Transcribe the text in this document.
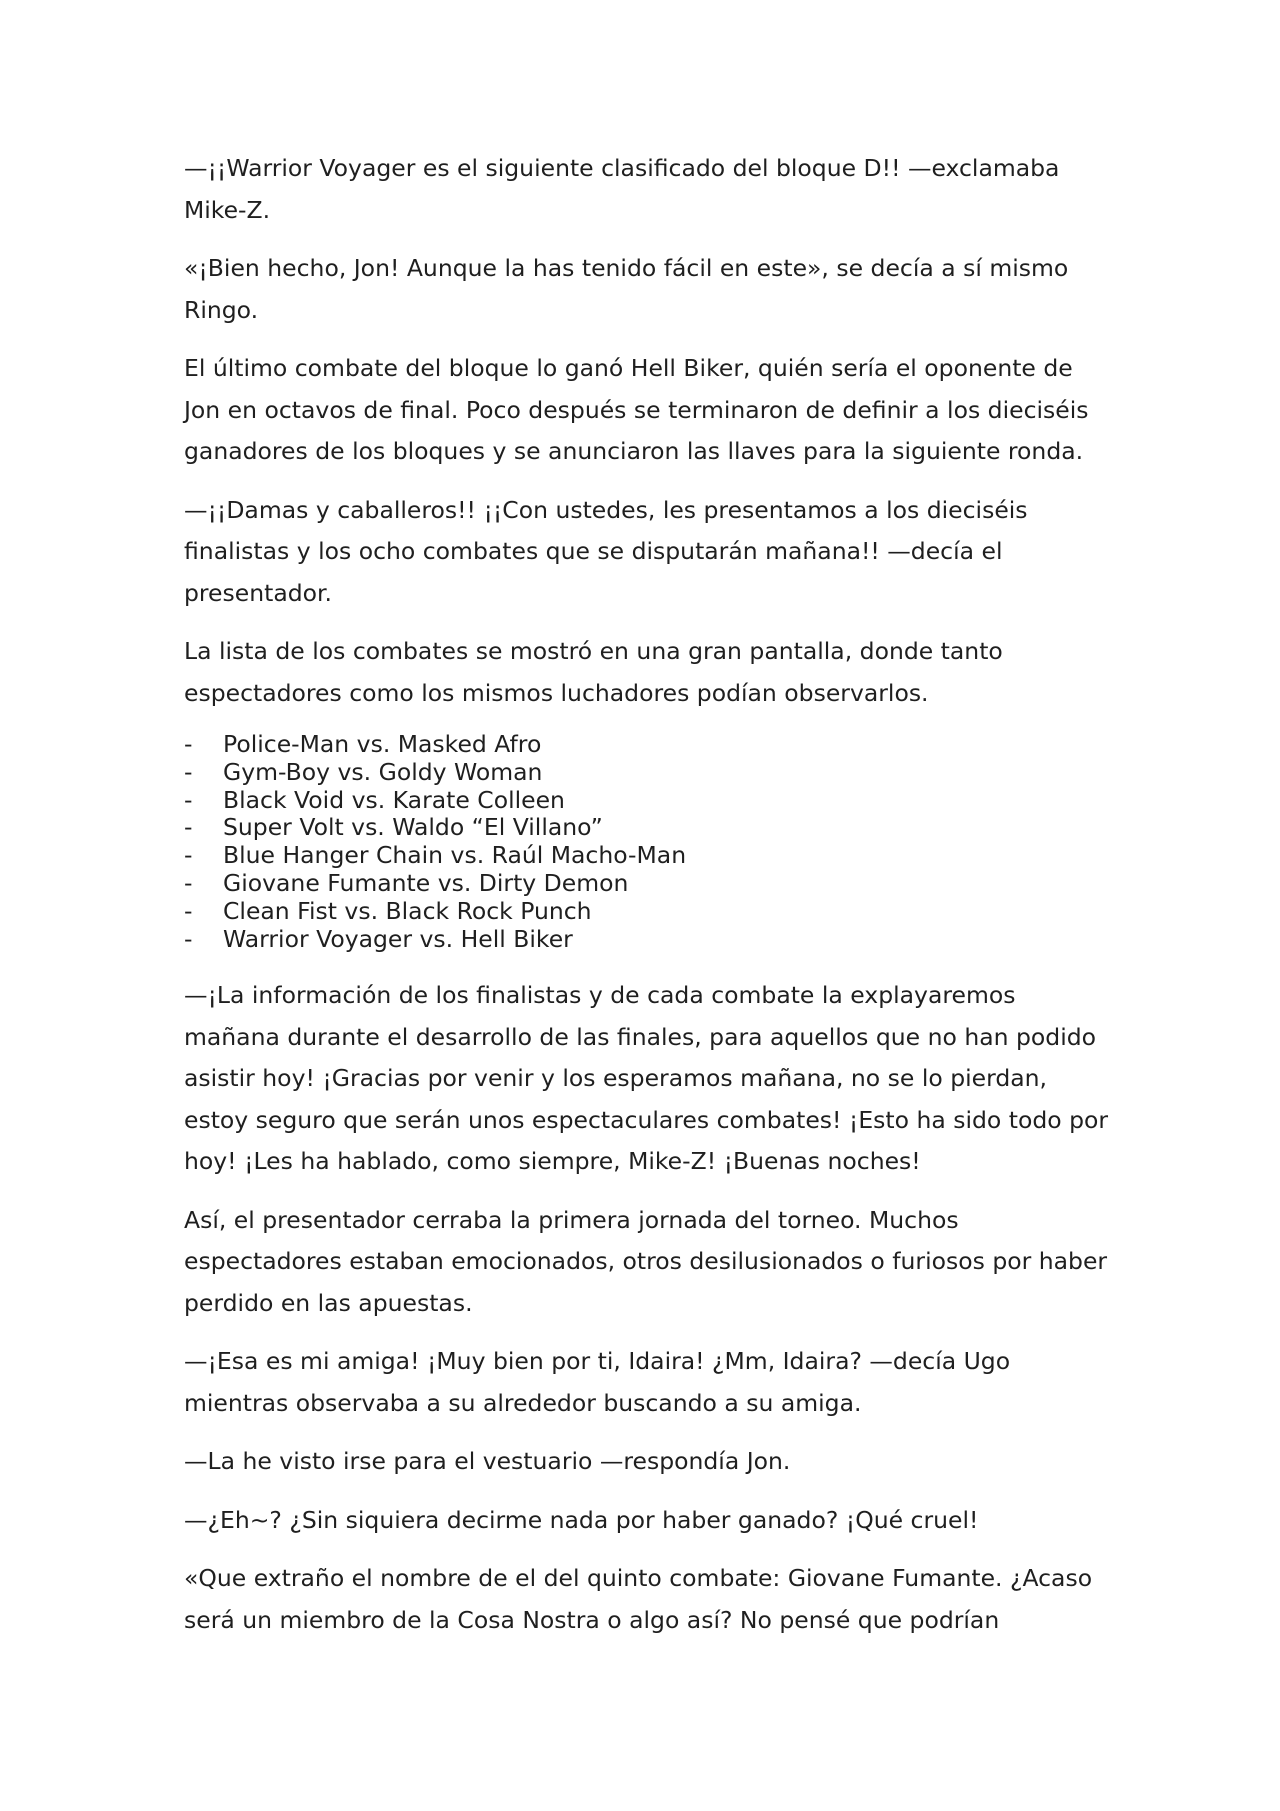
—¡¡Warrior Voyager es el siguiente clasificado del bloque D!! —exclamaba Mike-Z.

«¡Bien hecho, Jon! Aunque la has tenido fácil en este», se decía a sí mismo Ringo.

El último combate del bloque lo ganó Hell Biker, quién sería el oponente de Jon en octavos de final. Poco después se terminaron de definir a los dieciséis ganadores de los bloques y se anunciaron las llaves para la siguiente ronda.

—¡¡Damas y caballeros!! ¡¡Con ustedes, les presentamos a los dieciséis finalistas y los ocho combates que se disputarán mañana!! —decía el presentador.

La lista de los combates se mostró en una gran pantalla, donde tanto espectadores como los mismos luchadores podían observarlos.

-	Police-Man vs. Masked Afro
-	Gym-Boy vs. Goldy Woman
-	Black Void vs. Karate Colleen
-	Super Volt vs. Waldo “El Villano”
-	Blue Hanger Chain vs. Raúl Macho-Man
-	Giovane Fumante vs. Dirty Demon
-	Clean Fist vs. Black Rock Punch
-	Warrior Voyager vs. Hell Biker

—¡La información de los finalistas y de cada combate la explayaremos mañana durante el desarrollo de las finales, para aquellos que no han podido asistir hoy! ¡Gracias por venir y los esperamos mañana, no se lo pierdan, estoy seguro que serán unos espectaculares combates! ¡Esto ha sido todo por hoy! ¡Les ha hablado, como siempre, Mike-Z! ¡Buenas noches!

Así, el presentador cerraba la primera jornada del torneo. Muchos espectadores estaban emocionados, otros desilusionados o furiosos por haber perdido en las apuestas.

—¡Esa es mi amiga! ¡Muy bien por ti, Idaira! ¿Mm, Idaira? —decía Ugo mientras observaba a su alrededor buscando a su amiga.

—La he visto irse para el vestuario —respondía Jon.

—¿Eh~? ¿Sin siquiera decirme nada por haber ganado? ¡Qué cruel!

«Que extraño el nombre de el del quinto combate: Giovane Fumante. ¿Acaso será un miembro de la Cosa Nostra o algo así? No pensé que podrían
